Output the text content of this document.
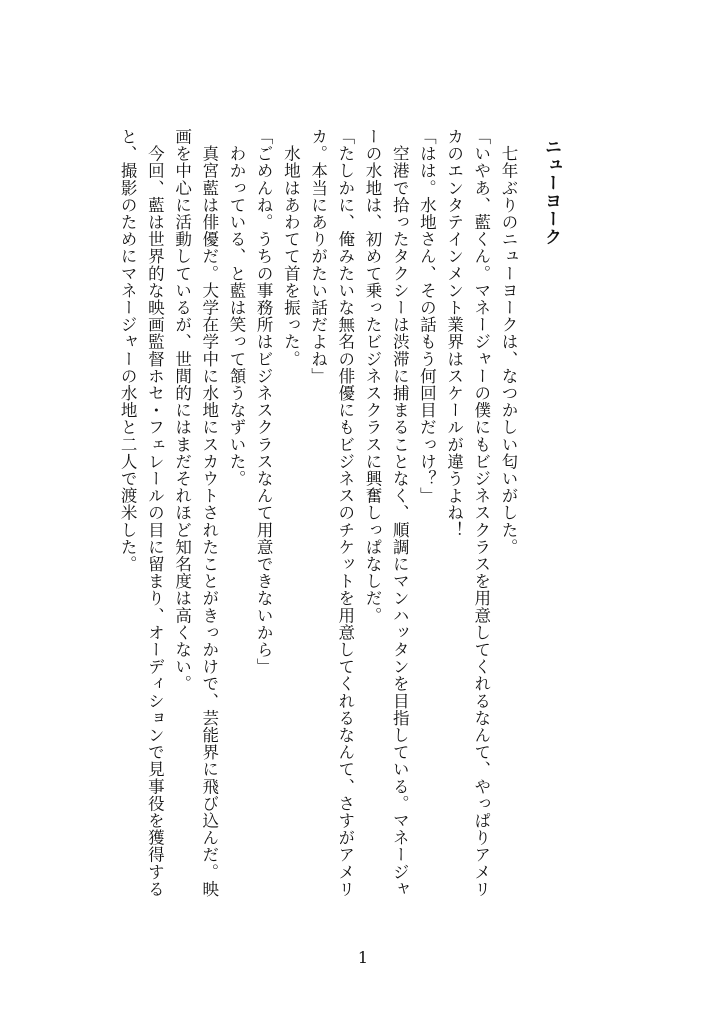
ニューヨーク

　七年ぶりのニューヨークは、なつかしい匂いがした。

「いやあ、藍くん。マネージャーの僕にもビジネスクラスを用意してくれるなんて、やっぱりアメリカのエンタテインメント業界はスケールが違うよね！

「はは。水地さん、その話もう何回目だっけ？」

　空港で拾ったタクシーは渋滞に捕まることなく、順調にマンハッタンを目指している。マネージャーの水地は、初めて乗ったビジネスクラスに興奮しっぱなしだ。

「たしかに、俺みたいな無名の俳優にもビジネスのチケットを用意してくれるなんて、さすがアメリカ。本当にありがたい話だよね」

　水地はあわてて首を振った。

「ごめんね。うちの事務所はビジネスクラスなんて用意できないから」

　わかっている、と藍は笑って頷うなずいた。

　真宮藍は俳優だ。大学在学中に水地にスカウトされたことがきっかけで、芸能界に飛び込んだ。映画を中心に活動しているが、世間的にはまだそれほど知名度は高くない。

　今回、藍は世界的な映画監督ホセ・フェレールの目に留まり、オーディションで見事役を獲得すると、撮影のためにマネージャーの水地と二人で渡米した。

1
